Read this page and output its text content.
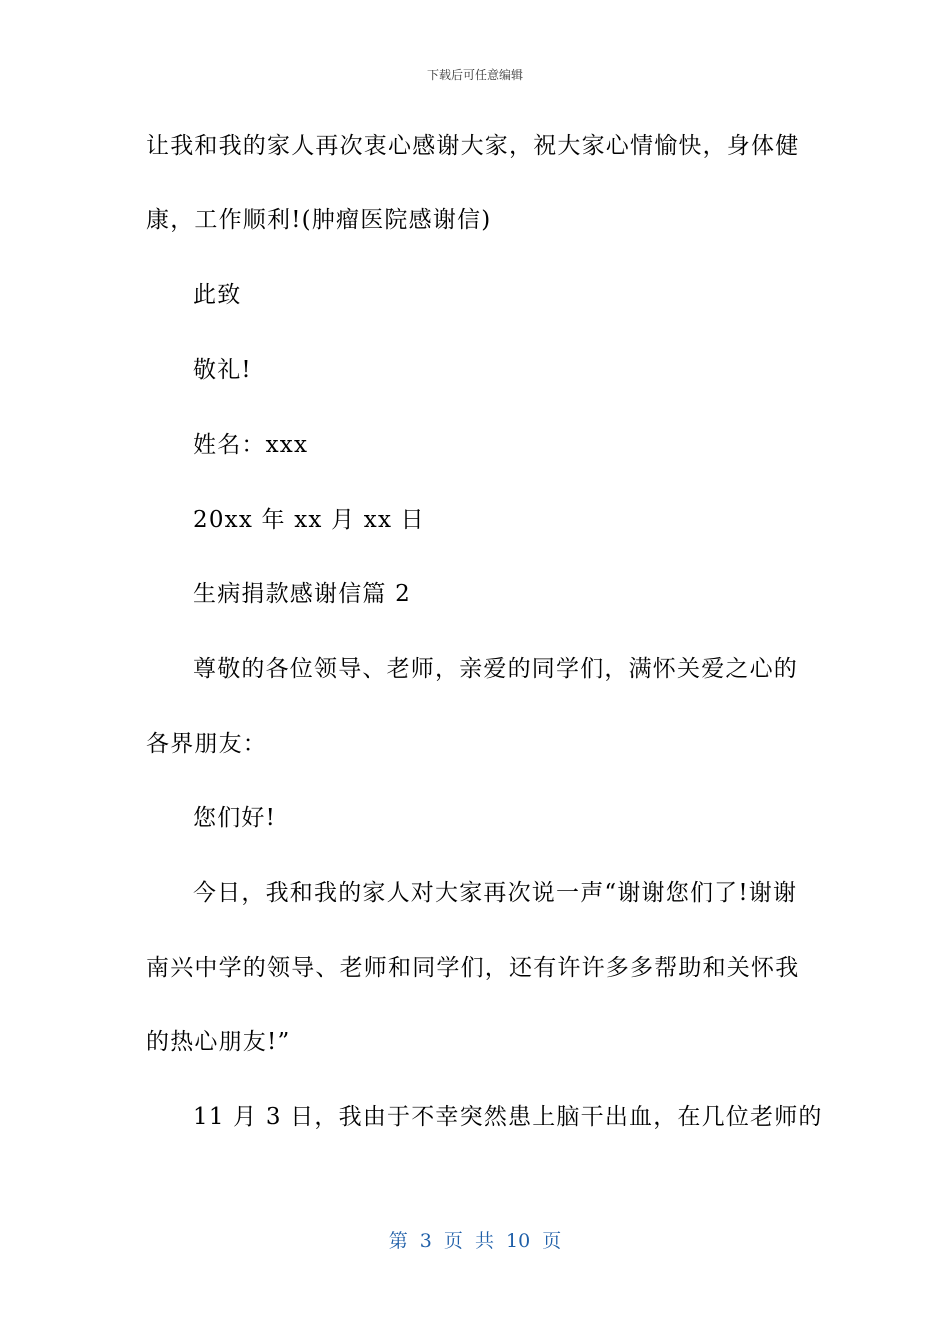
下载后可任意编辑
让我和我的家人再次衷心感谢大家，祝大家心情愉快，身体健
康，工作顺利!(肿瘤医院感谢信)
此致
敬礼!
姓名：xxx
20xx 年 xx 月 xx 日
生病捐款感谢信篇 2
尊敬的各位领导、老师，亲爱的同学们，满怀关爱之心的
各界朋友：
您们好!
今日，我和我的家人对大家再次说一声“谢谢您们了!谢谢
南兴中学的领导、老师和同学们，还有许许多多帮助和关怀我
的热心朋友!”
11 月 3 日，我由于不幸突然患上脑干出血，在几位老师的
第 3 页 共 10 页
